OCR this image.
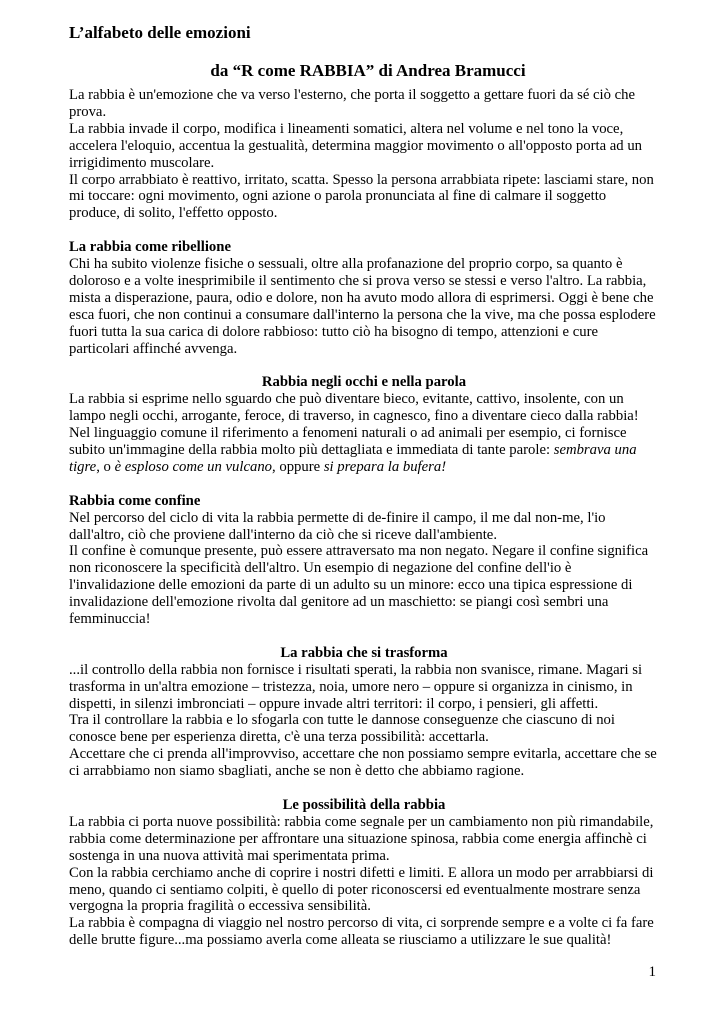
L’alfabeto delle emozioni
da “R come RABBIA” di Andrea Bramucci

La rabbia è un'emozione che va verso l'esterno, che porta il soggetto a gettare fuori da sé ciò che prova.

La rabbia invade il corpo, modifica i lineamenti somatici, altera nel volume e nel tono la voce, accelera l'eloquio, accentua la gestualità, determina maggior movimento o all'opposto porta ad un irrigidimento muscolare.

Il corpo arrabbiato è reattivo, irritato, scatta. Spesso la persona arrabbiata ripete: lasciami stare, non mi toccare: ogni movimento, ogni azione o parola pronunciata al fine di calmare il soggetto produce, di solito, l'effetto opposto.

La rabbia come ribellione

Chi ha subito violenze fisiche o sessuali, oltre alla profanazione del proprio corpo, sa quanto è doloroso e a volte inesprimibile il sentimento che si prova verso se stessi e verso l'altro. La rabbia, mista a disperazione, paura, odio e dolore, non ha avuto modo allora di esprimersi. Oggi è bene che esca fuori, che non continui a consumare dall'interno la persona che la vive, ma che possa esplodere fuori tutta la sua carica di dolore rabbioso: tutto ciò ha bisogno di tempo, attenzioni e cure particolari affinché avvenga.

Rabbia negli occhi e nella parola

La rabbia si esprime nello sguardo che può diventare bieco, evitante, cattivo, insolente, con un lampo negli occhi, arrogante, feroce, di traverso, in cagnesco, fino a diventare cieco dalla rabbia!

Nel linguaggio comune il riferimento a fenomeni naturali o ad animali per esempio, ci fornisce subito un'immagine della rabbia molto più dettagliata e immediata di tante parole: sembrava una tigre, o è esploso come un vulcano, oppure si prepara la bufera!

Rabbia come confine

Nel percorso del ciclo di vita la rabbia permette di de-finire il campo, il me dal non-me, l'io dall'altro, ciò che proviene dall'interno da ciò che si riceve dall'ambiente.

Il confine è comunque presente, può essere attraversato ma non negato. Negare il confine significa non riconoscere la specificità dell'altro. Un esempio di negazione del confine dell'io è l'invalidazione delle emozioni da parte di un adulto su un minore: ecco una tipica espressione di invalidazione dell'emozione rivolta dal genitore ad un maschietto: se piangi così sembri una femminuccia!

La rabbia che si trasforma

...il controllo della rabbia non fornisce i risultati sperati, la rabbia non svanisce, rimane. Magari si trasforma in un'altra emozione – tristezza, noia, umore nero – oppure si organizza in cinismo, in dispetti, in silenzi imbronciati – oppure invade altri territori: il corpo, i pensieri, gli affetti.

Tra il controllare la rabbia e lo sfogarla con tutte le dannose conseguenze che ciascuno di noi conosce bene per esperienza diretta, c'è una terza possibilità: accettarla.

Accettare che ci prenda all'improvviso, accettare che non possiamo sempre evitarla, accettare che se ci arrabbiamo non siamo sbagliati, anche se non è detto che abbiamo ragione.

Le possibilità della rabbia

La rabbia ci porta nuove possibilità: rabbia come segnale per un cambiamento non più rimandabile, rabbia come determinazione per affrontare una situazione spinosa, rabbia come energia affinchè ci sostenga in una nuova attività mai sperimentata prima.

Con la rabbia cerchiamo anche di coprire i nostri difetti e limiti. E allora un modo per arrabbiarsi di meno, quando ci sentiamo colpiti, è quello di poter riconoscersi ed eventualmente mostrare senza vergogna la propria fragilità o eccessiva sensibilità.

La rabbia è compagna di viaggio nel nostro percorso di vita, ci sorprende sempre e a volte ci fa fare delle brutte figure...ma possiamo averla come alleata se riusciamo a utilizzare le sue qualità!

1
